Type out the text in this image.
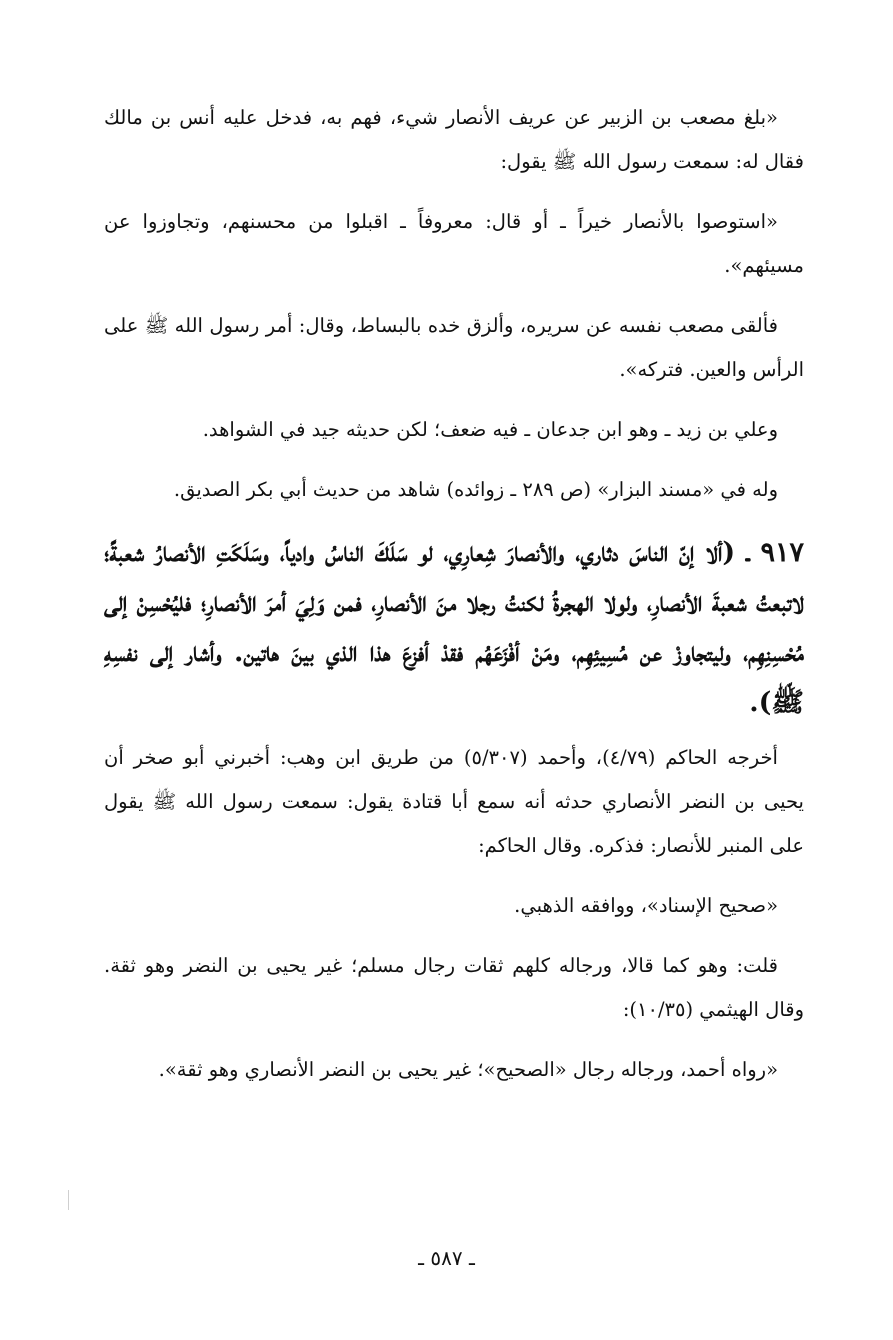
«بلغ مصعب بن الزبير عن عريف الأنصار شيء، فهم به، فدخل عليه أنس بن مالك فقال له: سمعت رسول الله ﷺ يقول:

«استوصوا بالأنصار خيراً ـ أو قال: معروفاً ـ اقبلوا من محسنهم، وتجاوزوا عن مسيئهم».

فألقى مصعب نفسه عن سريره، وألزق خده بالبساط، وقال: أمر رسول الله ﷺ على الرأس والعين. فتركه».

وعلي بن زيد ـ وهو ابن جدعان ـ فيه ضعف؛ لكن حديثه جيد في الشواهد.

وله في «مسند البزار» (ص ٢٨٩ ـ زوائده) شاهد من حديث أبي بكر الصديق.

٩١٧ ـ (ألا إنّ الناسَ دثاري، والأنصارَ شِعارِي، لو سَلَكَ الناسُ وادياً، وسَلَكَتِ الأنصارُ شعبةً؛ لاتبعتُ شعبةَ الأنصارِ، ولولا الهجرةُ لكنتُ رجلا منَ الأنصارِ، فمن وَلِيَ أمرَ الأنصارِ؛ فليُحْسِنْ إلى مُحْسِنِهِم، وليتجاوزْ عن مُسِيئِهِم، ومَنْ أفْزَعَهُم فقدْ أفزعَ هذا الذي بينَ هاتين. وأشار إلى نفسِهِ ﷺ).

أخرجه الحاكم (٤/٧٩)، وأحمد (٥/٣٠٧) من طريق ابن وهب: أخبرني أبو صخر أن يحيى بن النضر الأنصاري حدثه أنه سمع أبا قتادة يقول: سمعت رسول الله ﷺ يقول على المنبر للأنصار: فذكره. وقال الحاكم:

«صحيح الإسناد»، ووافقه الذهبي.

قلت: وهو كما قالا، ورجاله كلهم ثقات رجال مسلم؛ غير يحيى بن النضر وهو ثقة. وقال الهيثمي (١٠/٣٥):

«رواه أحمد، ورجاله رجال «الصحيح»؛ غير يحيى بن النضر الأنصاري وهو ثقة».

ـ ٥٨٧ ـ
